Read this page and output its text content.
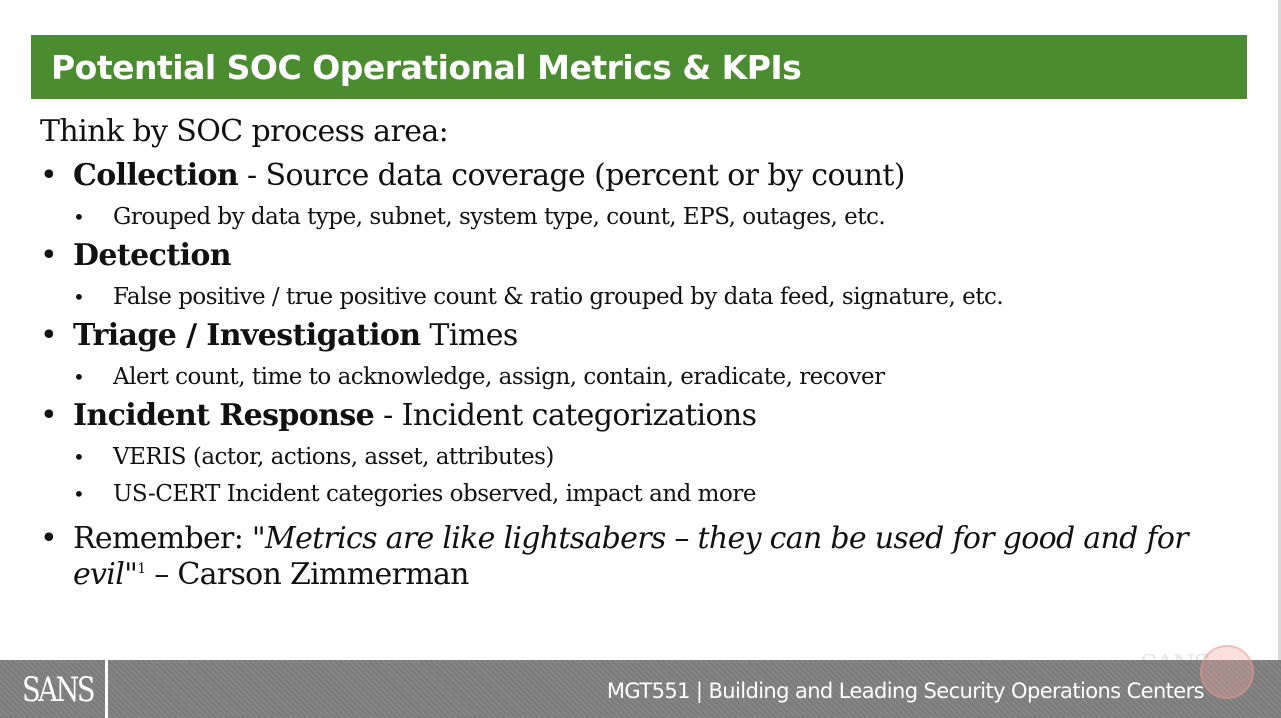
Potential SOC Operational Metrics & KPIs
Think by SOC process area:
• Collection - Source data coverage (percent or by count)
• Grouped by data type, subnet, system type, count, EPS, outages, etc.
• Detection
• False positive / true positive count & ratio grouped by data feed, signature, etc.
• Triage / Investigation Times
• Alert count, time to acknowledge, assign, contain, eradicate, recover
• Incident Response - Incident categorizations
• VERIS (actor, actions, asset, attributes)
• US-CERT Incident categories observed, impact and more
• Remember: "Metrics are like lightsabers – they can be used for good and for evil"$^1$ – Carson Zimmerman
SANS	MGT551 | Building and Leading Security Operations Centers
